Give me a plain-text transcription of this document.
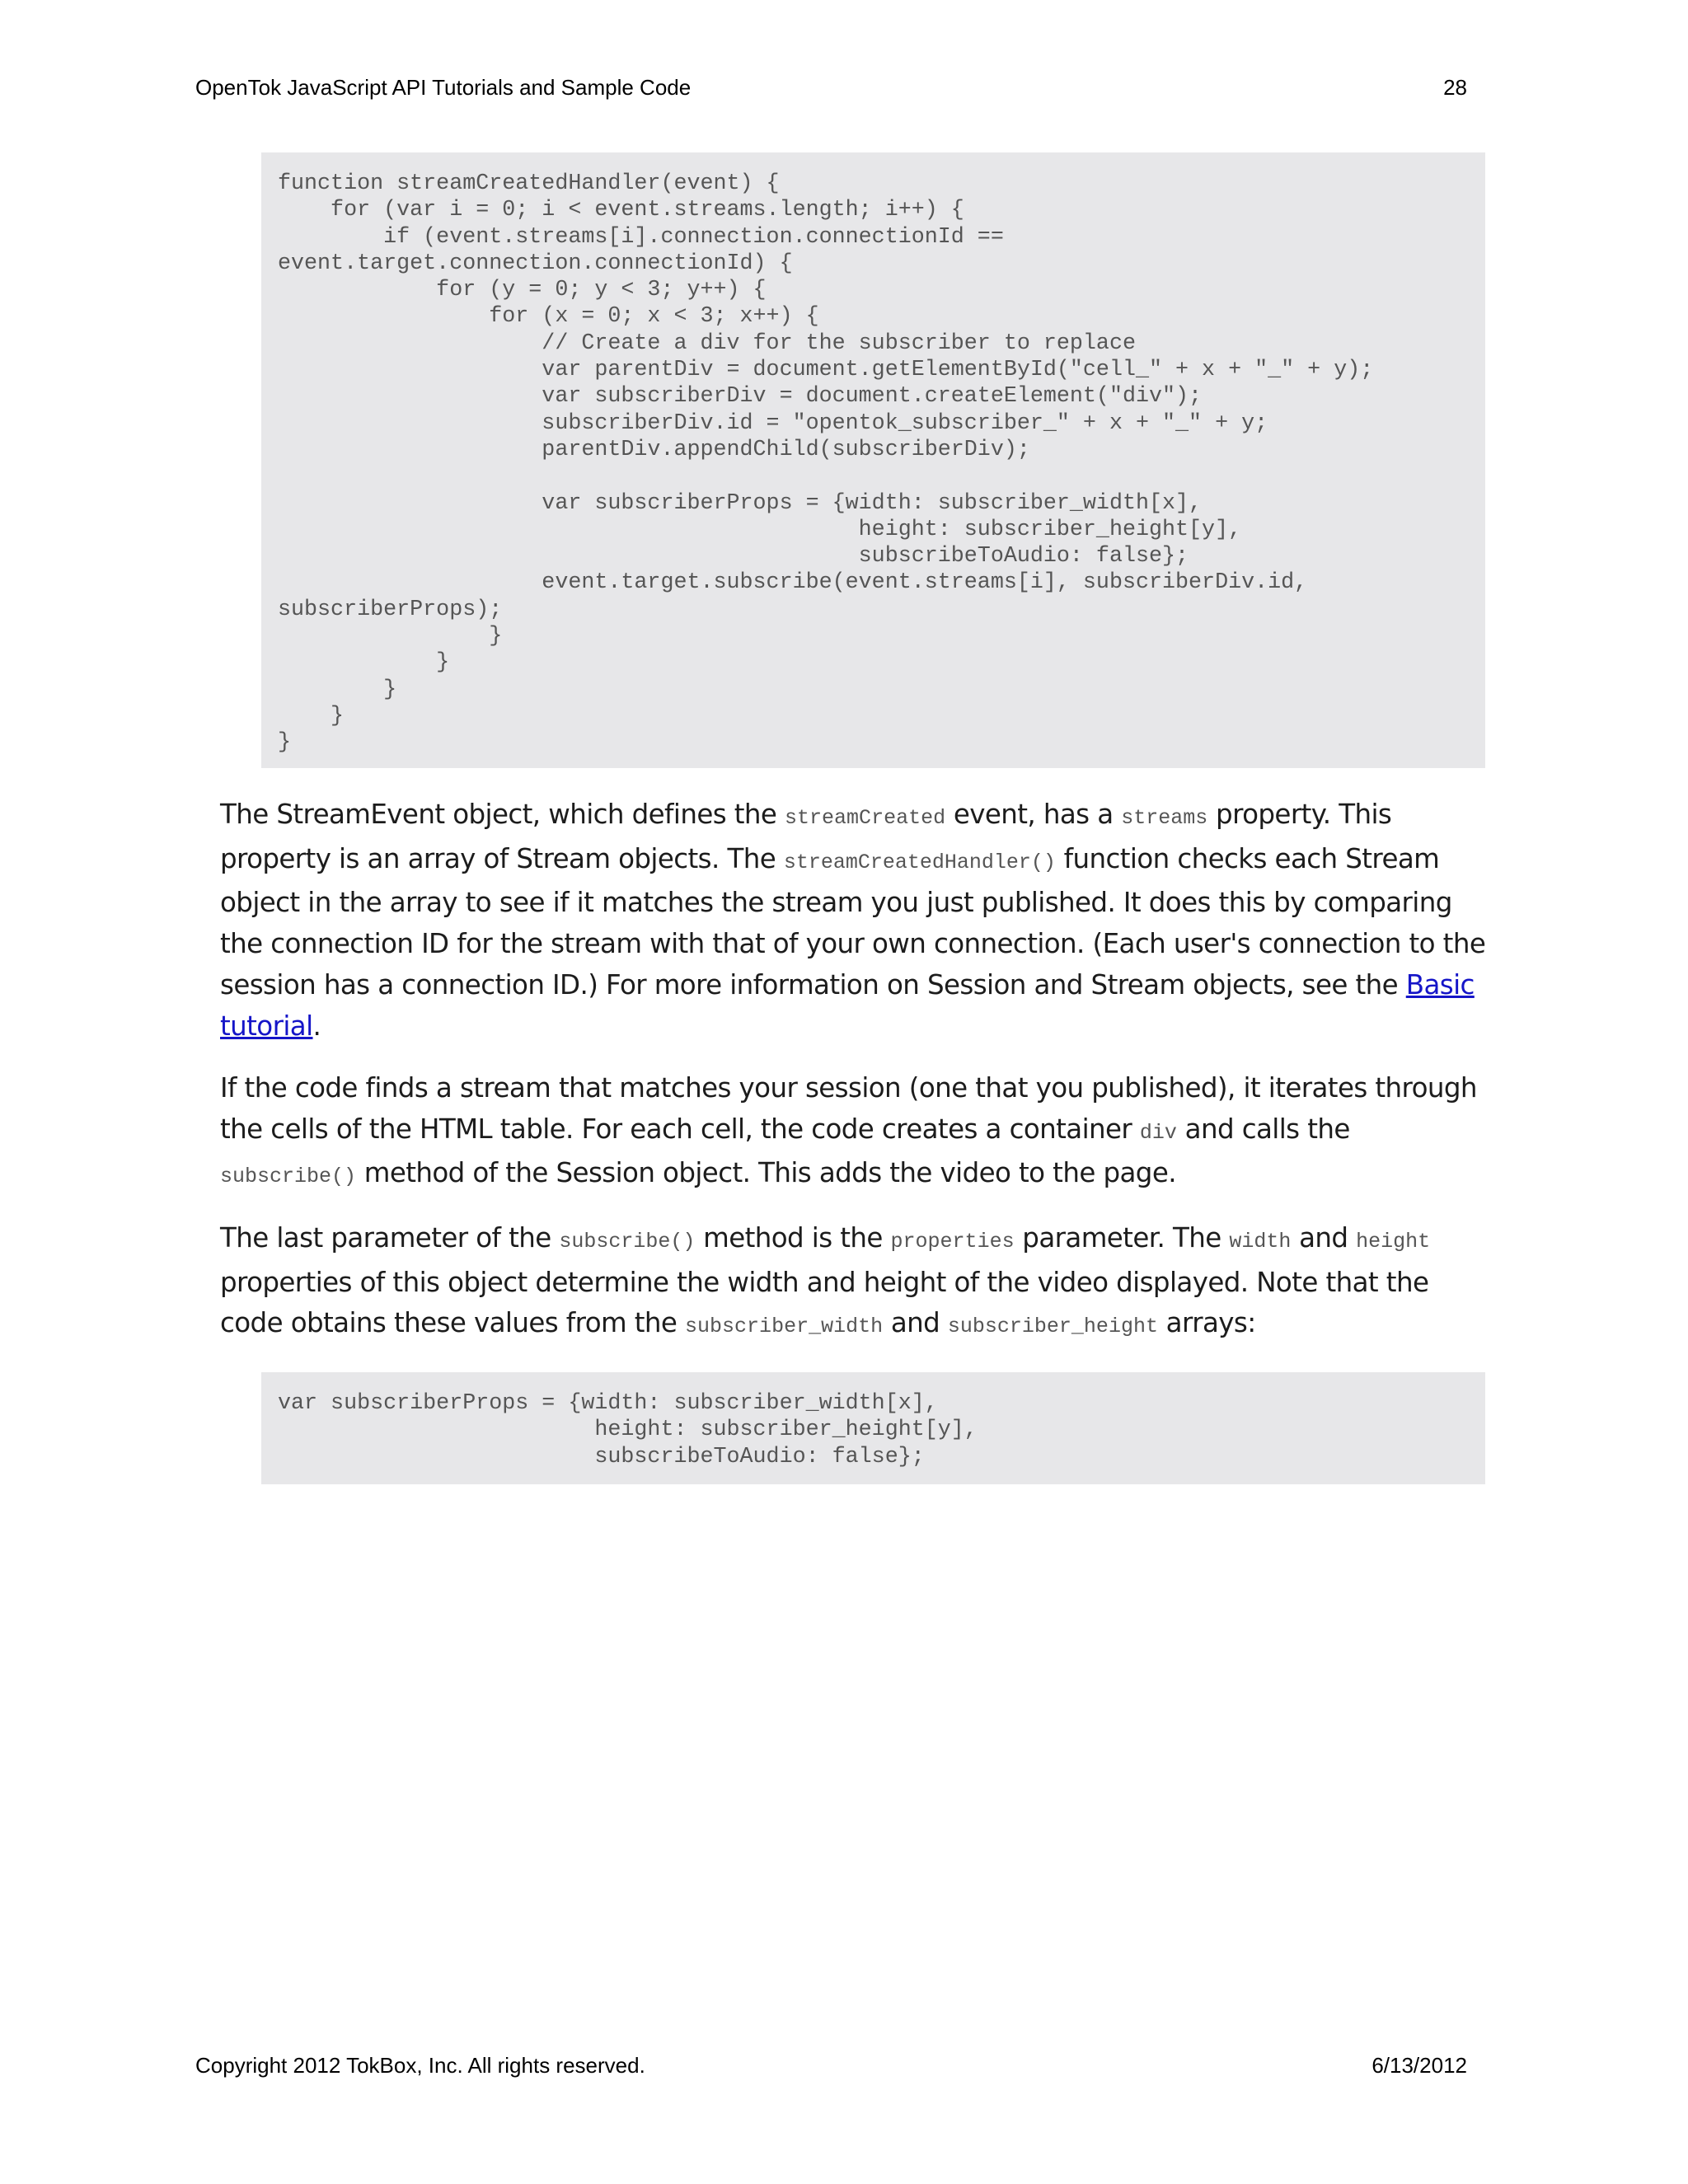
OpenTok JavaScript API Tutorials and Sample Code	28
function streamCreatedHandler(event) {
for (var i = 0; i < event.streams.length; i++) {
if (event.streams[i].connection.connectionId ==
event.target.connection.connectionId) {
for (y = 0; y < 3; y++) {
for (x = 0; x < 3; x++) {
// Create a div for the subscriber to replace
var parentDiv = document.getElementById("cell_" + x + "_" + y);
var subscriberDiv = document.createElement("div");
subscriberDiv.id = "opentok_subscriber_" + x + "_" + y;
parentDiv.appendChild(subscriberDiv);

var subscriberProps = {width: subscriber_width[x],
height: subscriber_height[y],
subscribeToAudio: false};
event.target.subscribe(event.streams[i], subscriberDiv.id,
subscriberProps);
}
}
}
}
}

The StreamEvent object, which defines the streamCreated event, has a streams property. This property is an array of Stream objects. The streamCreatedHandler() function checks each Stream object in the array to see if it matches the stream you just published. It does this by comparing the connection ID for the stream with that of your own connection. (Each user's connection to the session has a connection ID.) For more information on Session and Stream objects, see the Basic tutorial.

If the code finds a stream that matches your session (one that you published), it iterates through the cells of the HTML table. For each cell, the code creates a container div and calls the subscribe() method of the Session object. This adds the video to the page.

The last parameter of the subscribe() method is the properties parameter. The width and height properties of this object determine the width and height of the video displayed. Note that the code obtains these values from the subscriber_width and subscriber_height arrays:

var subscriberProps = {width: subscriber_width[x],
height: subscriber_height[y],
subscribeToAudio: false};
Copyright 2012 TokBox, Inc. All rights reserved.	6/13/2012
